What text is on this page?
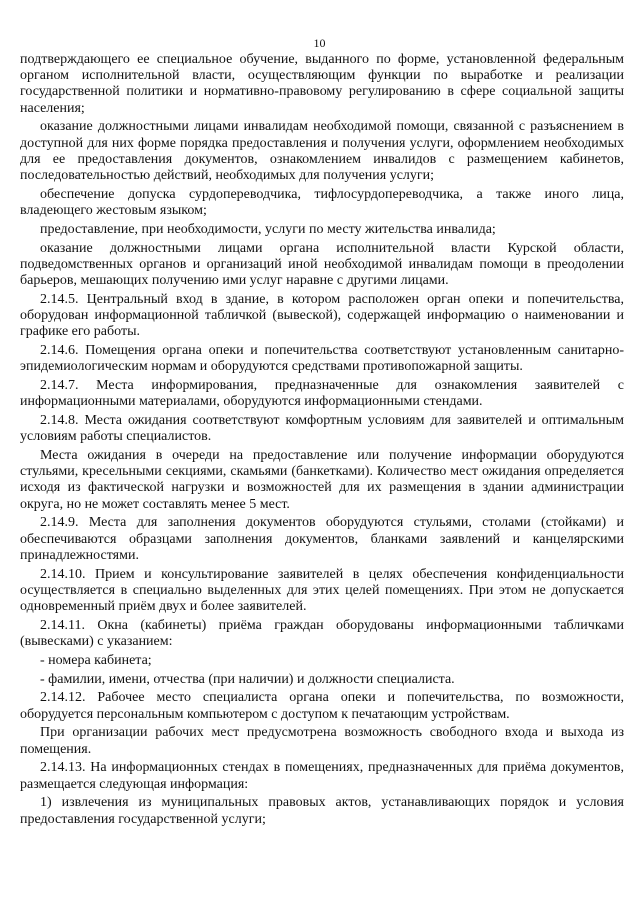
10

подтверждающего ее специальное обучение, выданного по форме, установленной федеральным органом исполнительной власти, осуществляющим функции по выработке и реализации государственной политики и нормативно-правовому регулированию в сфере социальной защиты населения;

оказание должностными лицами инвалидам необходимой помощи, связанной с разъяснением в доступной для них форме порядка предоставления и получения услуги, оформлением необходимых для ее предоставления документов, ознакомлением инвалидов с размещением кабинетов, последовательностью действий, необходимых для получения услуги;

обеспечение допуска сурдопереводчика, тифлосурдопереводчика, а также иного лица, владеющего жестовым языком;

предоставление, при необходимости, услуги по месту жительства инвалида;

оказание должностными лицами органа исполнительной власти Курской области, подведомственных органов и организаций иной необходимой инвалидам помощи в преодолении барьеров, мешающих получению ими услуг наравне с другими лицами.

2.14.5. Центральный вход в здание, в котором расположен орган опеки и попечительства, оборудован информационной табличкой (вывеской), содержащей информацию о наименовании и графике его работы.

2.14.6. Помещения органа опеки и попечительства соответствуют установленным санитарно-эпидемиологическим нормам и оборудуются средствами противопожарной защиты.

2.14.7. Места информирования, предназначенные для ознакомления заявителей с информационными материалами, оборудуются информационными стендами.

2.14.8. Места ожидания соответствуют комфортным условиям для заявителей и оптимальным условиям работы специалистов.

Места ожидания в очереди на предоставление или получение информации оборудуются стульями, кресельными секциями, скамьями (банкетками). Количество мест ожидания определяется исходя из фактической нагрузки и возможностей для их размещения в здании администрации округа, но не может составлять менее 5 мест.

2.14.9. Места для заполнения документов оборудуются стульями, столами (стойками) и обеспечиваются образцами заполнения документов, бланками заявлений и канцелярскими принадлежностями.

2.14.10. Прием и консультирование заявителей в целях обеспечения конфиденциальности осуществляется в специально выделенных для этих целей помещениях. При этом не допускается одновременный приём двух и более заявителей.

2.14.11. Окна (кабинеты) приёма граждан оборудованы информационными табличками (вывесками) с указанием:

- номера кабинета;

- фамилии, имени, отчества (при наличии) и должности специалиста.

2.14.12. Рабочее место специалиста органа опеки и попечительства, по возможности, оборудуется персональным компьютером с доступом к печатающим устройствам.

При организации рабочих мест предусмотрена возможность свободного входа и выхода из помещения.

2.14.13. На информационных стендах в помещениях, предназначенных для приёма документов, размещается следующая информация:

1) извлечения из муниципальных правовых актов, устанавливающих порядок и условия предоставления государственной услуги;
